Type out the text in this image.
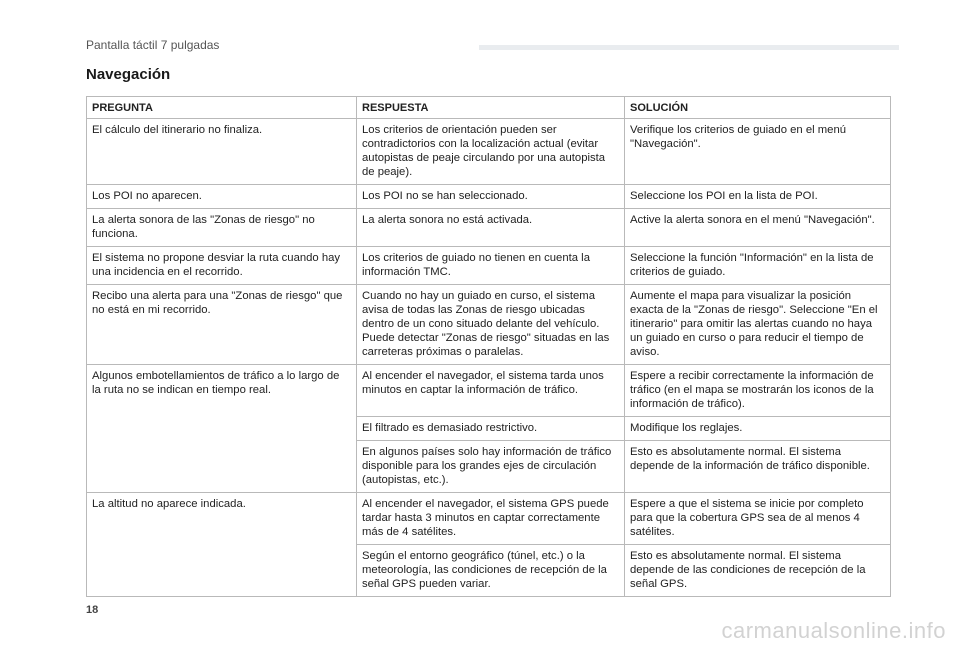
Pantalla táctil 7 pulgadas
Navegación
PREGUNTA	RESPUESTA	SOLUCIÓN
El cálculo del itinerario no finaliza.	Los criterios de orientación pueden ser contradictorios con la localización actual (evitar autopistas de peaje circulando por una autopista de peaje).	Verifique los criterios de guiado en el menú "Navegación".
Los POI no aparecen.	Los POI no se han seleccionado.	Seleccione los POI en la lista de POI.
La alerta sonora de las "Zonas de riesgo" no funciona.	La alerta sonora no está activada.	Active la alerta sonora en el menú "Navegación".
El sistema no propone desviar la ruta cuando hay una incidencia en el recorrido.	Los criterios de guiado no tienen en cuenta la información TMC.	Seleccione la función "Información" en la lista de criterios de guiado.
Recibo una alerta para una "Zonas de riesgo" que no está en mi recorrido.	Cuando no hay un guiado en curso, el sistema avisa de todas las Zonas de riesgo ubicadas dentro de un cono situado delante del vehículo. Puede detectar "Zonas de riesgo" situadas en las carreteras próximas o paralelas.	Aumente el mapa para visualizar la posición exacta de la "Zonas de riesgo". Seleccione "En el itinerario" para omitir las alertas cuando no haya un guiado en curso o para reducir el tiempo de aviso.
Algunos embotellamientos de tráfico a lo largo de la ruta no se indican en tiempo real.	Al encender el navegador, el sistema tarda unos minutos en captar la información de tráfico.	Espere a recibir correctamente la información de tráfico (en el mapa se mostrarán los iconos de la información de tráfico).
	El filtrado es demasiado restrictivo.	Modifique los reglajes.
	En algunos países solo hay información de tráfico disponible para los grandes ejes de circulación (autopistas, etc.).	Esto es absolutamente normal. El sistema depende de la información de tráfico disponible.
La altitud no aparece indicada.	Al encender el navegador, el sistema GPS puede tardar hasta 3 minutos en captar correctamente más de 4 satélites.	Espere a que el sistema se inicie por completo para que la cobertura GPS sea de al menos 4 satélites.
	Según el entorno geográfico (túnel, etc.) o la meteorología, las condiciones de recepción de la señal GPS pueden variar.	Esto es absolutamente normal. El sistema depende de las condiciones de recepción de la señal GPS.
18
carmanualsonline.info
